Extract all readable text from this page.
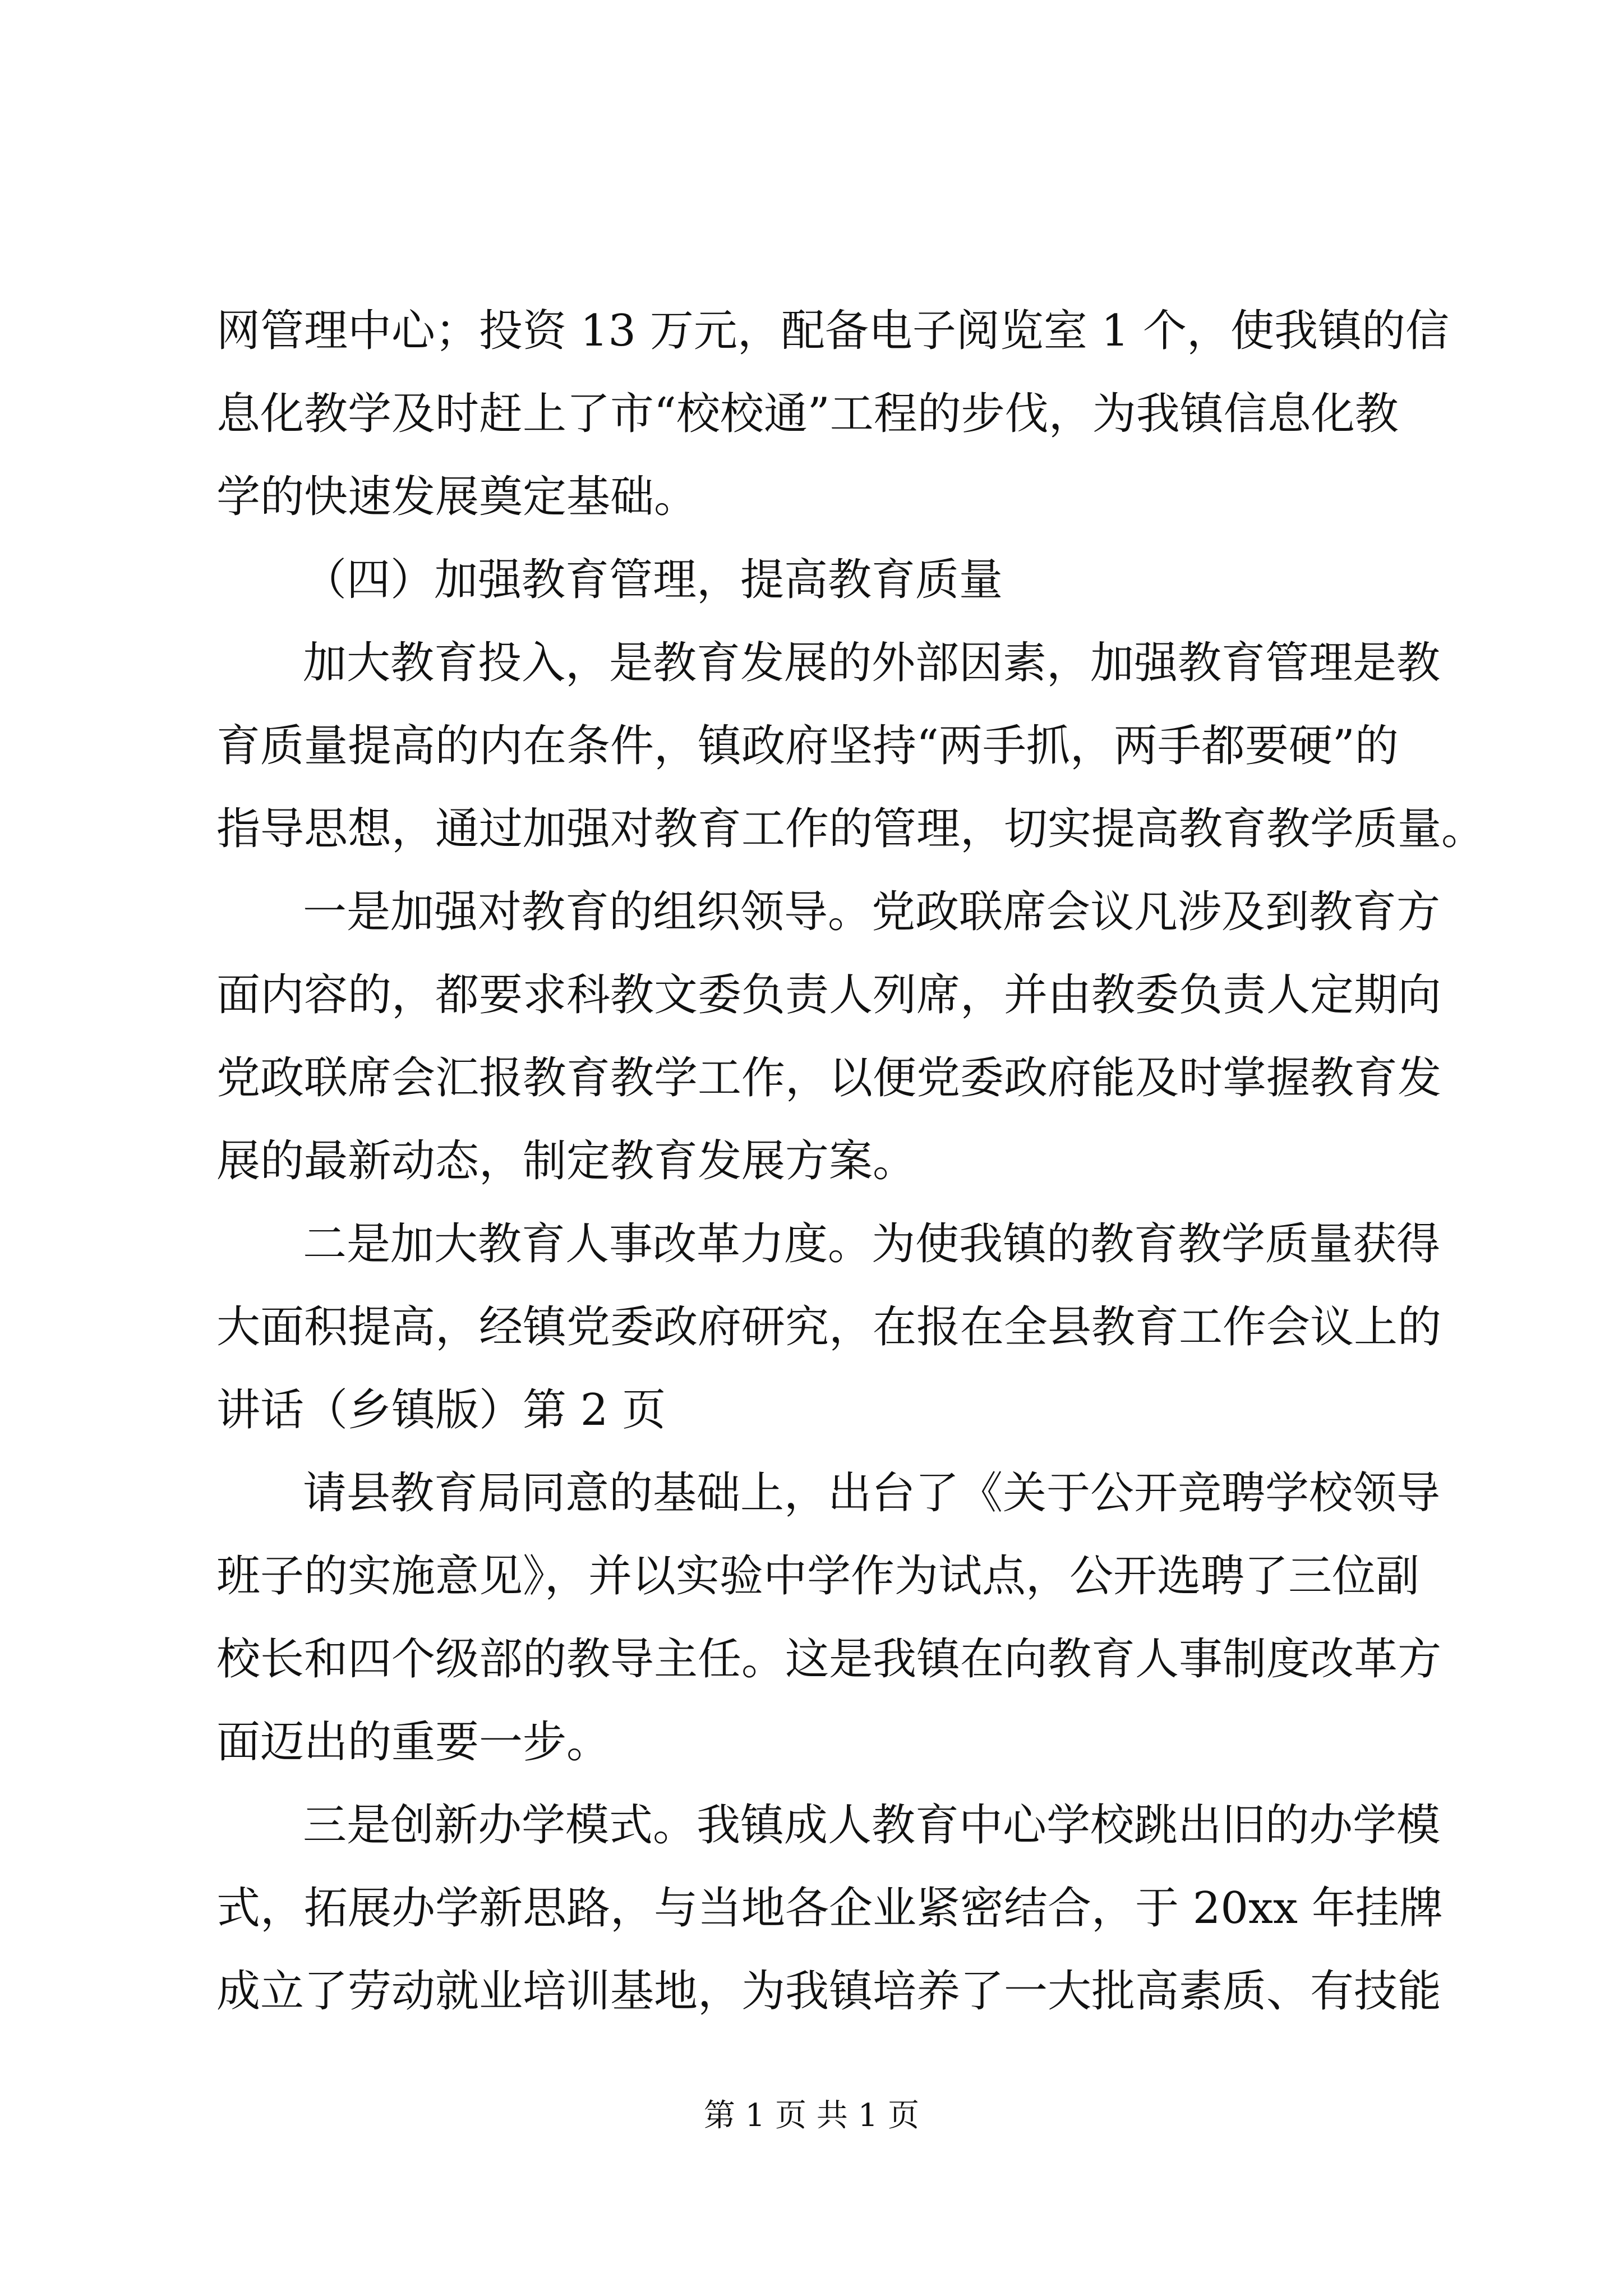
网管理中心；投资 13 万元，配备电子阅览室 1 个，使我镇的信
息化教学及时赶上了市“校校通”工程的步伐，为我镇信息化教
学的快速发展奠定基础。
（四）加强教育管理，提高教育质量
加大教育投入，是教育发展的外部因素，加强教育管理是教
育质量提高的内在条件，镇政府坚持“两手抓，两手都要硬”的
指导思想，通过加强对教育工作的管理，切实提高教育教学质量。
一是加强对教育的组织领导。党政联席会议凡涉及到教育方
面内容的，都要求科教文委负责人列席，并由教委负责人定期向
党政联席会汇报教育教学工作，以便党委政府能及时掌握教育发
展的最新动态，制定教育发展方案。
二是加大教育人事改革力度。为使我镇的教育教学质量获得
大面积提高，经镇党委政府研究，在报在全县教育工作会议上的
讲话（乡镇版）第 2 页
请县教育局同意的基础上，出台了《关于公开竞聘学校领导
班子的实施意见》，并以实验中学作为试点，公开选聘了三位副
校长和四个级部的教导主任。这是我镇在向教育人事制度改革方
面迈出的重要一步。
三是创新办学模式。我镇成人教育中心学校跳出旧的办学模
式，拓展办学新思路，与当地各企业紧密结合，于 20xx 年挂牌
成立了劳动就业培训基地，为我镇培养了一大批高素质、有技能
第 1 页 共 1 页
